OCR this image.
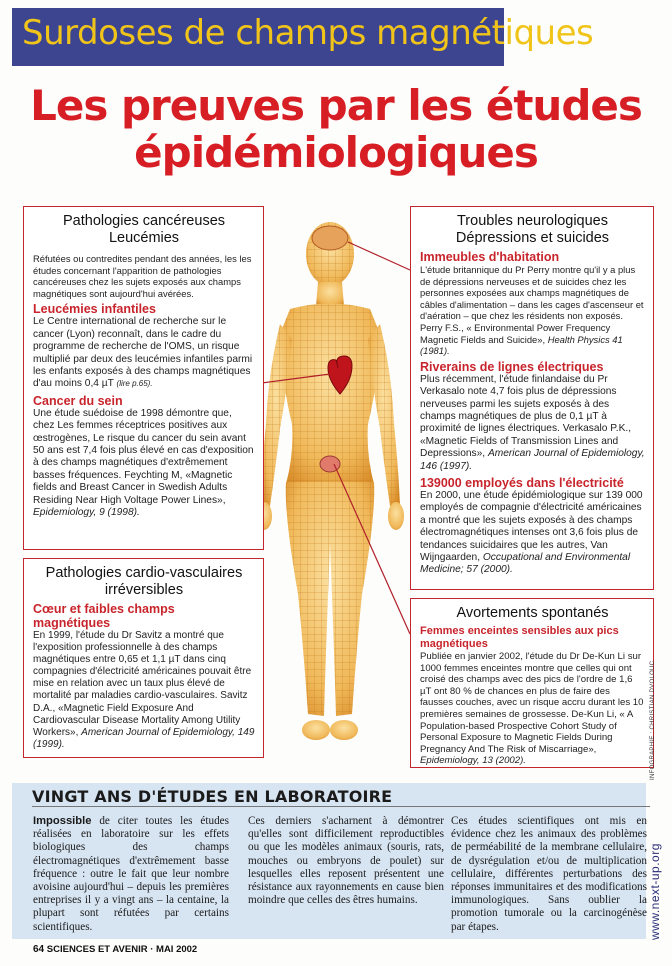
Surdoses de champs magnétiques
Les preuves par les études
épidémiologiques
Pathologies cancéreuses
Leucémies

Réfutées ou contredites pendant des années, les les études concernant l'apparition de pathologies cancéreuses chez les sujets exposés aux champs magnétiques sont aujourd'hui avérées.

Leucémies infantiles

Le Centre international de recherche sur le cancer (Lyon) reconnaît, dans le cadre du programme de recherche de l'OMS, un risque multiplié par deux des leucémies infantiles parmi les enfants exposés à des champs magnétiques d'au moins 0,4 µT (lire p.65).

Cancer du sein

Une étude suédoise de 1998 démontre que, chez Les femmes réceptrices positives aux œstrogènes, Le risque du cancer du sein avant 50 ans est 7,4 fois plus élevé en cas d'exposition à des champs magnétiques d'extrêmement basses fréquences. Feychting M, «Magnetic fields and Breast Cancer in Swedish Adults Residing Near High Voltage Power Lines», Epidemiology, 9 (1998).

Troubles neurologiques
Dépressions et suicides
Immeubles d'habitation

L'étude britannique du Pr Perry montre qu'il y a plus de dépressions nerveuses et de suicides chez les personnes exposées aux champs magnétiques de câbles d'alimentation – dans les cages d'ascenseur et d'aération – que chez les résidents non exposés. Perry F.S., « Environmental Power Frequency Magnetic Fields and Suicide», Health Physics 41 (1981).

Riverains de lignes électriques

Plus récemment, l'étude finlandaise du Pr Verkasalo note 4,7 fois plus de dépressions nerveuses parmi les sujets exposés à des champs magnétiques de plus de 0,1 µT à proximité de lignes électriques. Verkasalo P.K., «Magnetic Fields of Transmission Lines and Depressions», American Journal of Epidemiology, 146 (1997).

139000 employés dans l'électricité

En 2000, une étude épidémiologique sur 139 000 employés de compagnie d'électricité américaines a montré que les sujets exposés à des champs électromagnétiques intenses ont 3,6 fois plus de tendances suicidaires que les autres, Van Wijngaarden, Occupational and Environmental Medicine; 57 (2000).

Pathologies cardio-vasculaires
irréversibles
Cœur et faibles champs magnétiques

En 1999, l'étude du Dr Savitz a montré que l'exposition professionnelle à des champs magnétiques entre 0,65 et 1,1 µT dans cinq compagnies d'électricité américaines pouvait être mise en relation avec un taux plus élevé de mortalité par maladies cardio-vasculaires. Savitz D.A., «Magnetic Field Exposure And Cardiovascular Disease Mortality Among Utility Workers», American Journal of Epidemiology, 149 (1999).

Avortements spontanés
Femmes enceintes sensibles aux pics magnétiques

Publiée en janvier 2002, l'étude du Dr De-Kun Li sur 1000 femmes enceintes montre que celles qui ont croisé des champs avec des pics de l'ordre de 1,6 µT ont 80 % de chances en plus de faire des fausses couches, avec un risque accru durant les 10 premières semaines de grossesse. De-Kun Li, « A Population-based Prospective Cohort Study of Personal Exposure to Magnetic Fields During Pregnancy And The Risk of Miscarriage», Epidemiology, 13 (2002).	INFOGRAPHIE : CHRISTIAN DVOLOUC
VINGT ANS D'ÉTUDES EN LABORATOIRE
Impossible de citer toutes les études réalisées en laboratoire sur les effets biologiques des champs électromagnétiques d'extrêmement basse fréquence : outre le fait que leur nombre avoisine aujourd'hui – depuis les premières entreprises il y a vingt ans – la centaine, la plupart sont réfutées par certains scientifiques.
Ces derniers s'acharnent à démontrer qu'elles sont difficilement reproductibles ou que les modèles animaux (souris, rats, mouches ou embryons de poulet) sur lesquelles elles reposent présentent une résistance aux rayonnements en cause bien moindre que celles des êtres humains.
Ces études scientifiques ont mis en évidence chez les animaux des problèmes de perméabilité de la membrane cellulaire, de dysrégulation et/ou de multiplication cellulaire, différentes perturbations des réponses immunitaires et des modifications immunologiques. Sans oublier la promotion tumorale ou la carcinogénèse par étapes.	www.next-up.org
64 SCIENCES ET AVENIR · MAI 2002
